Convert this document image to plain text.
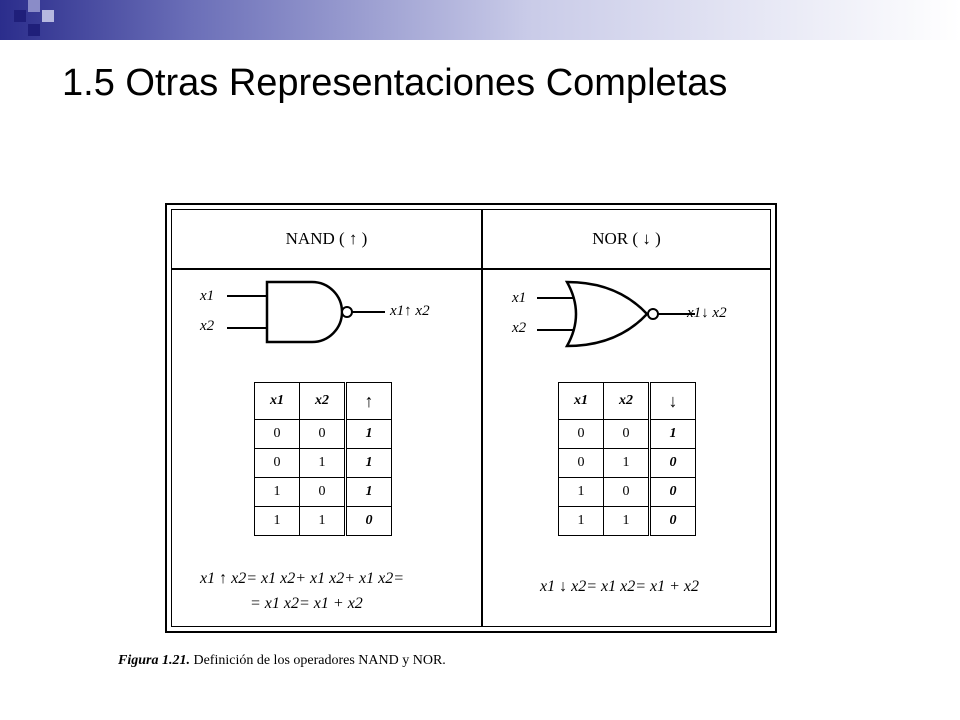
1.5 Otras Representaciones Completas
NAND ( ↑ )	NOR ( ↓ )
x1
x2
x1↑ x2
x1	x2	↑
0	0	1
0	1	1
1	0	1
1	1	0
x1 ↑ x2= x1 x2+ x1 x2+ x1 x2=
= x1 x2= x1 + x2
x1
x2
x1↓ x2
x1	x2	↓
0	0	1
0	1	0
1	0	0
1	1	0
x1 ↓ x2= x1 x2= x1 + x2
Figura 1.21. Definición de los operadores NAND y NOR.
